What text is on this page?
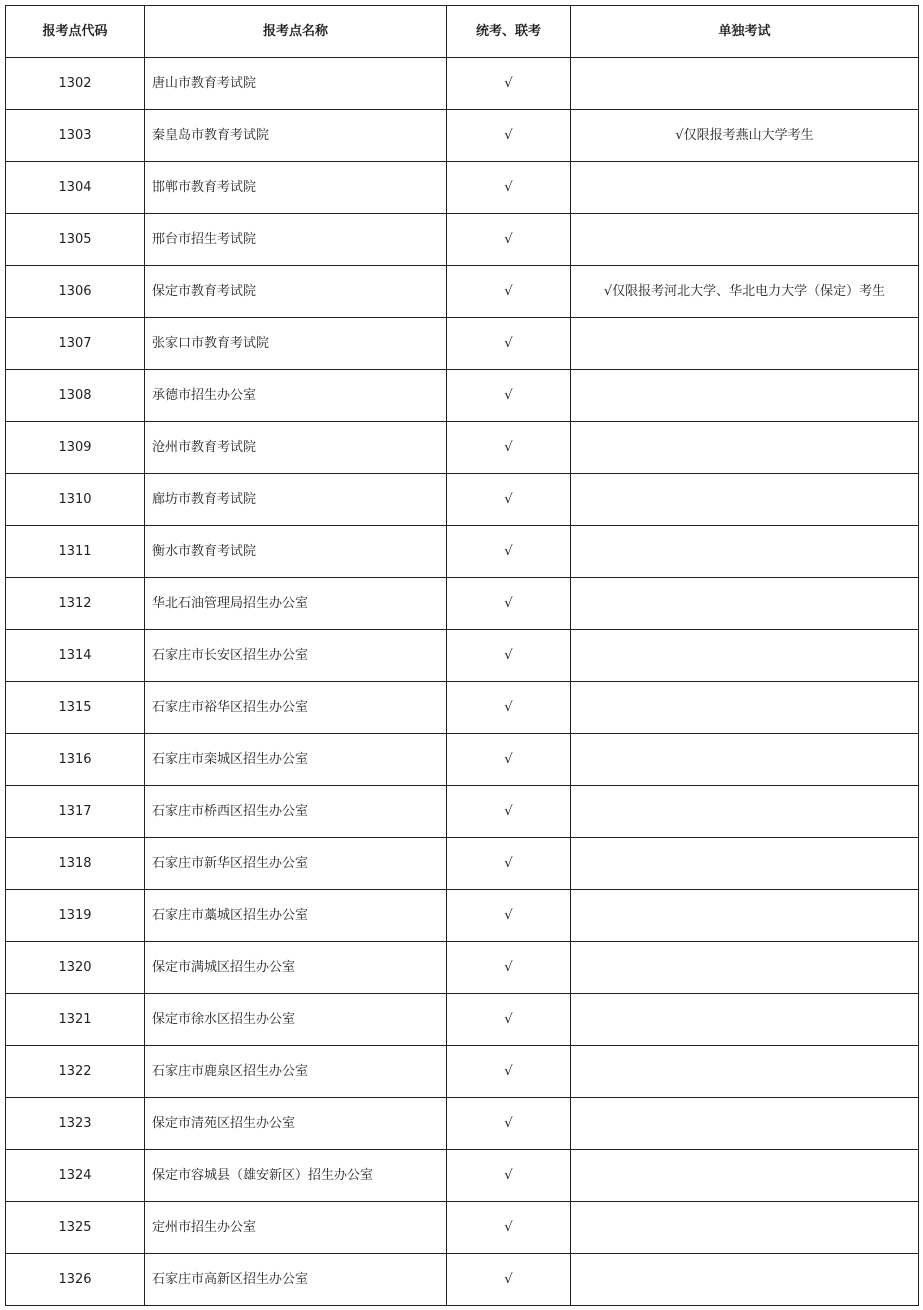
报考点代码	报考点名称	统考、联考	单独考试
1302	唐山市教育考试院	√	
1303	秦皇岛市教育考试院	√	√仅限报考燕山大学考生
1304	邯郸市教育考试院	√	
1305	邢台市招生考试院	√	
1306	保定市教育考试院	√	√仅限报考河北大学、华北电力大学（保定）考生
1307	张家口市教育考试院	√	
1308	承德市招生办公室	√	
1309	沧州市教育考试院	√	
1310	廊坊市教育考试院	√	
1311	衡水市教育考试院	√	
1312	华北石油管理局招生办公室	√	
1314	石家庄市长安区招生办公室	√	
1315	石家庄市裕华区招生办公室	√	
1316	石家庄市栾城区招生办公室	√	
1317	石家庄市桥西区招生办公室	√	
1318	石家庄市新华区招生办公室	√	
1319	石家庄市藁城区招生办公室	√	
1320	保定市满城区招生办公室	√	
1321	保定市徐水区招生办公室	√	
1322	石家庄市鹿泉区招生办公室	√	
1323	保定市清苑区招生办公室	√	
1324	保定市容城县（雄安新区）招生办公室	√	
1325	定州市招生办公室	√	
1326	石家庄市高新区招生办公室	√	
